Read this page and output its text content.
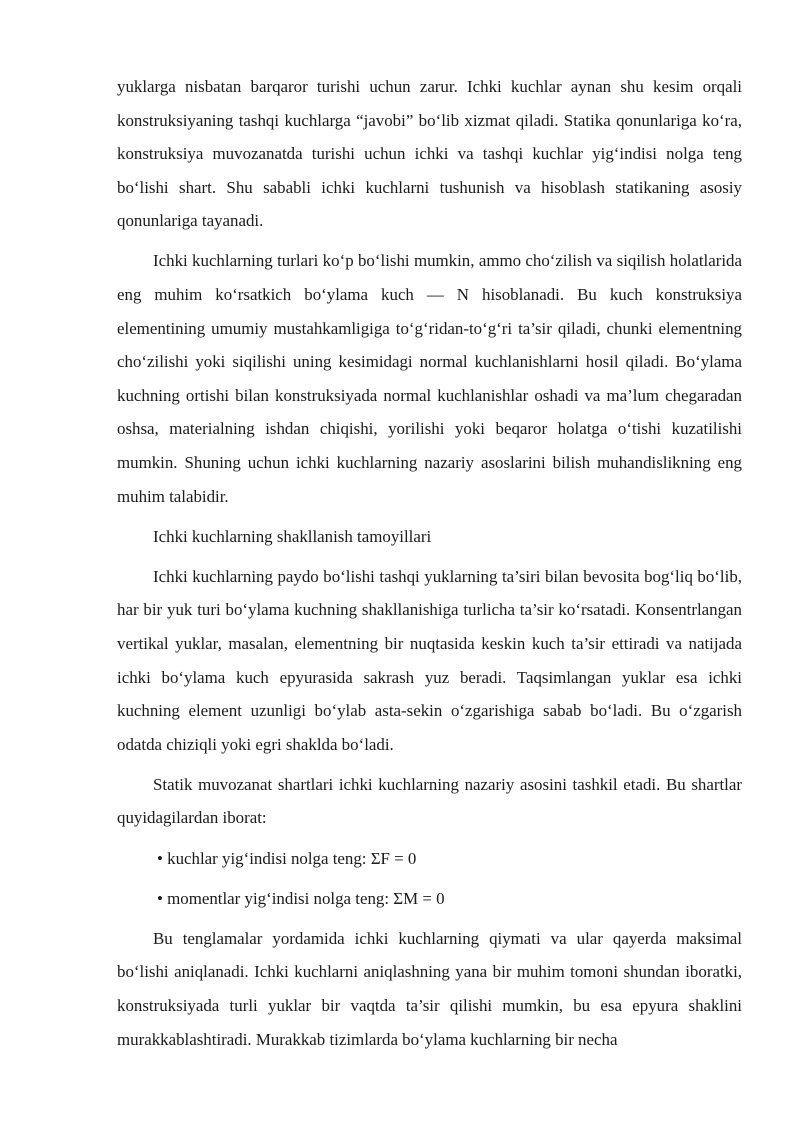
yuklarga nisbatan barqaror turishi uchun zarur. Ichki kuchlar aynan shu kesim orqali konstruksiyaning tashqi kuchlarga “javobi” bo‘lib xizmat qiladi. Statika qonunlariga ko‘ra, konstruksiya muvozanatda turishi uchun ichki va tashqi kuchlar yig‘indisi nolga teng bo‘lishi shart. Shu sababli ichki kuchlarni tushunish va hisoblash statikaning asosiy qonunlariga tayanadi.

Ichki kuchlarning turlari ko‘p bo‘lishi mumkin, ammo cho‘zilish va siqilish holatlarida eng muhim ko‘rsatkich bo‘ylama kuch — N hisoblanadi. Bu kuch konstruksiya elementining umumiy mustahkamligiga to‘g‘ridan-to‘g‘ri ta’sir qiladi, chunki elementning cho‘zilishi yoki siqilishi uning kesimidagi normal kuchlanishlarni hosil qiladi. Bo‘ylama kuchning ortishi bilan konstruksiyada normal kuchlanishlar oshadi va ma’lum chegaradan oshsa, materialning ishdan chiqishi, yorilishi yoki beqaror holatga o‘tishi kuzatilishi mumkin. Shuning uchun ichki kuchlarning nazariy asoslarini bilish muhandislikning eng muhim talabidir.

Ichki kuchlarning shakllanish tamoyillari

Ichki kuchlarning paydo bo‘lishi tashqi yuklarning ta’siri bilan bevosita bog‘liq bo‘lib, har bir yuk turi bo‘ylama kuchning shakllanishiga turlicha ta’sir ko‘rsatadi. Konsentrlangan vertikal yuklar, masalan, elementning bir nuqtasida keskin kuch ta’sir ettiradi va natijada ichki bo‘ylama kuch epyurasida sakrash yuz beradi. Taqsimlangan yuklar esa ichki kuchning element uzunligi bo‘ylab asta-sekin o‘zgarishiga sabab bo‘ladi. Bu o‘zgarish odatda chiziqli yoki egri shaklda bo‘ladi.

Statik muvozanat shartlari ichki kuchlarning nazariy asosini tashkil etadi. Bu shartlar quyidagilardan iborat:

• kuchlar yig‘indisi nolga teng: ΣF = 0

• momentlar yig‘indisi nolga teng: ΣM = 0

Bu tenglamalar yordamida ichki kuchlarning qiymati va ular qayerda maksimal bo‘lishi aniqlanadi. Ichki kuchlarni aniqlashning yana bir muhim tomoni shundan iboratki, konstruksiyada turli yuklar bir vaqtda ta’sir qilishi mumkin, bu esa epyura shaklini murakkablashtiradi. Murakkab tizimlarda bo‘ylama kuchlarning bir necha
